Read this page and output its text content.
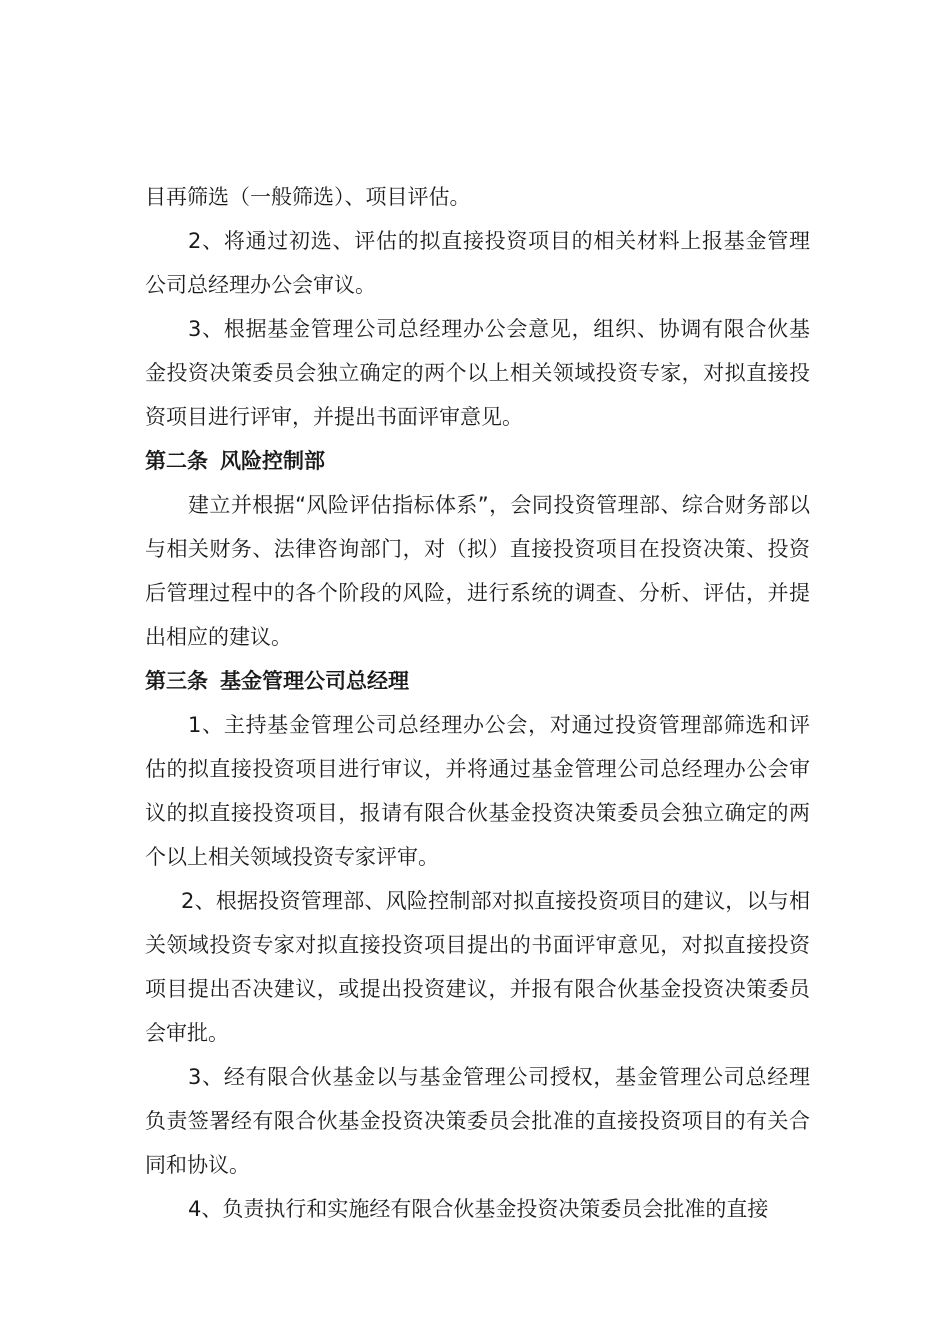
目再筛选（一般筛选）、项目评估。

2、将通过初选、评估的拟直接投资项目的相关材料上报基金管理公司总经理办公会审议。

3、根据基金管理公司总经理办公会意见，组织、协调有限合伙基金投资决策委员会独立确定的两个以上相关领域投资专家，对拟直接投资项目进行评审，并提出书面评审意见。

第二条 风险控制部

建立并根据“风险评估指标体系”，会同投资管理部、综合财务部以与相关财务、法律咨询部门，对（拟）直接投资项目在投资决策、投资后管理过程中的各个阶段的风险，进行系统的调查、分析、评估，并提出相应的建议。

第三条 基金管理公司总经理

1、主持基金管理公司总经理办公会，对通过投资管理部筛选和评估的拟直接投资项目进行审议，并将通过基金管理公司总经理办公会审议的拟直接投资项目，报请有限合伙基金投资决策委员会独立确定的两个以上相关领域投资专家评审。

2、根据投资管理部、风险控制部对拟直接投资项目的建议，以与相关领域投资专家对拟直接投资项目提出的书面评审意见，对拟直接投资项目提出否决建议，或提出投资建议，并报有限合伙基金投资决策委员会审批。

3、经有限合伙基金以与基金管理公司授权，基金管理公司总经理负责签署经有限合伙基金投资决策委员会批准的直接投资项目的有关合同和协议。

4、负责执行和实施经有限合伙基金投资决策委员会批准的直接
